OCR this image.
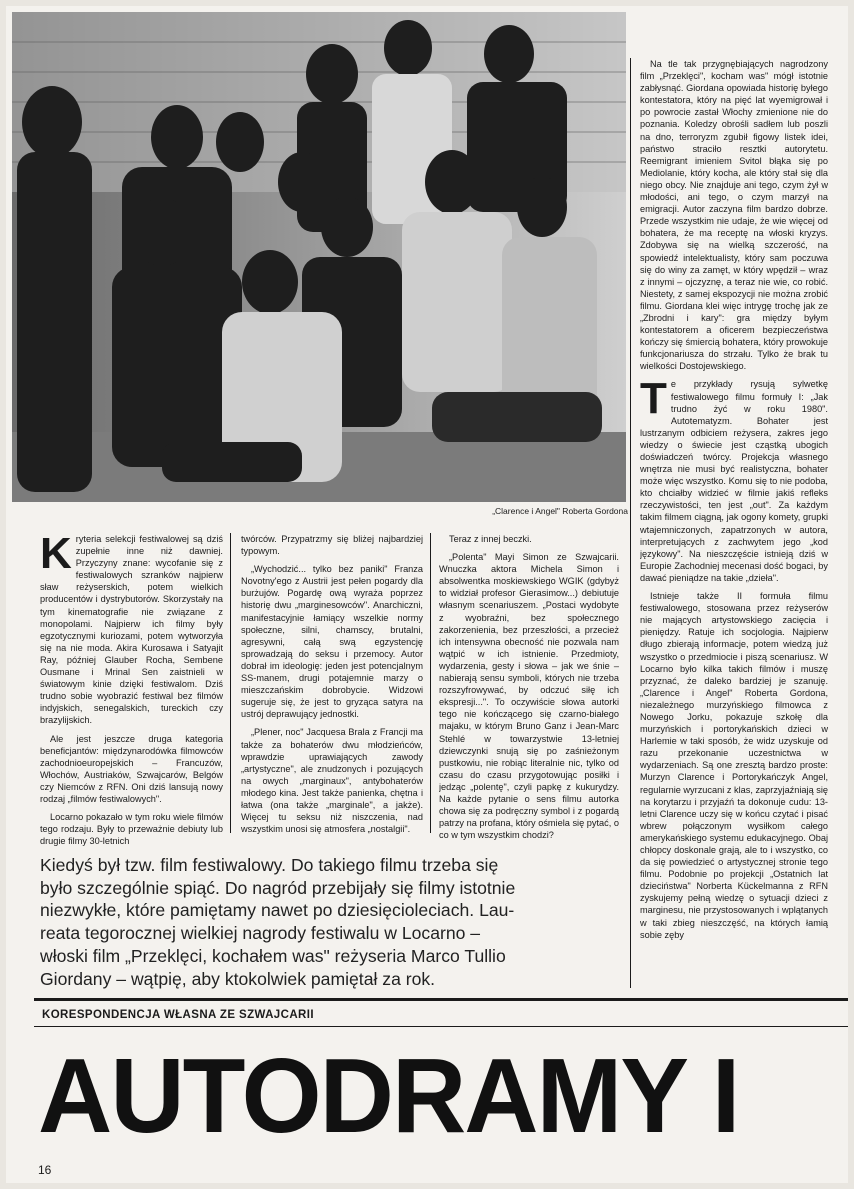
„Clarence i Angel" Roberta Gordona

Kryteria selekcji festiwalowej są dziś zupełnie inne niż dawniej. Przyczyny znane: wycofanie się z festiwalowych szranków najpierw sław reżyserskich, potem wielkich producentów i dystrybutorów. Skorzystały na tym kinematografie nie związane z monopolami. Najpierw ich filmy były egzotycznymi kuriozami, potem wytworzyła się na nie moda. Akira Kurosawa i Satyajit Ray, później Glauber Rocha, Sembene Ousmane i Mrinal Sen zaistnieli w światowym kinie dzięki festiwalom. Dziś trudno sobie wyobrazić festiwal bez filmów indyjskich, senegalskich, tureckich czy brazylijskich.

Ale jest jeszcze druga kategoria beneficjantów: międzynarodówka filmowców zachodnioeuropejskich – Francuzów, Włochów, Austriaków, Szwajcarów, Belgów czy Niemców z RFN. Oni dziś lansują nowy rodzaj „filmów festiwalowych".

Locarno pokazało w tym roku wiele filmów tego rodzaju. Były to przeważnie debiuty lub drugie filmy 30-letnich

twórców. Przypatrzmy się bliżej najbardziej typowym.

„Wychodzić... tylko bez paniki" Franza Novotny'ego z Austrii jest pełen pogardy dla burżujów. Pogardę ową wyraża poprzez historię dwu „marginesowców". Anarchiczni, manifestacyjnie łamiący wszelkie normy społeczne, silni, chamscy, brutalni, agresywni, całą swą egzystencję sprowadzają do seksu i przemocy. Autor dobrał im ideologię: jeden jest potencjalnym SS-manem, drugi potajemnie marzy o mieszczańskim dobrobycie. Widzowi sugeruje się, że jest to gryząca satyra na ustrój deprawujący jednostki.

„Plener, noc" Jacquesa Brala z Francji ma także za bohaterów dwu młodzieńców, wprawdzie uprawiających zawody „artystyczne", ale znudzonych i pozujących na owych „marginaux", antybohaterów młodego kina. Jest także panienka, chętna i łatwa (ona także „marginale", a jakże). Więcej tu seksu niż niszczenia, nad wszystkim unosi się atmosfera „nostalgii".

Teraz z innej beczki.

„Polenta" Mayi Simon ze Szwajcarii. Wnuczka aktora Michela Simon i absolwentka moskiewskiego WGIK (gdybyż to widział profesor Gierasimow...) debiutuje własnym scenariuszem. „Postaci wydobyte z wyobraźni, bez społecznego zakorzenienia, bez przeszłości, a przecież ich intensywna obecność nie pozwala nam wątpić w ich istnienie. Przedmioty, wydarzenia, gesty i słowa – jak we śnie – nabierają sensu symboli, których nie trzeba rozszyfrowywać, by odczuć siłę ich ekspresji...". To oczywiście słowa autorki tego nie kończącego się czarno-białego majaku, w którym Bruno Ganz i Jean-Marc Stehlé w towarzystwie 13-letniej dziewczynki snują się po zaśnieżonym pustkowiu, nie robiąc literalnie nic, tylko od czasu do czasu przygotowując posiłki i jedząc „polentę", czyli papkę z kukurydzy. Na każde pytanie o sens filmu autorka chowa się za podręczny symbol i z pogardą patrzy na profana, który ośmiela się pytać, o co w tym wszystkim chodzi?

Na tle tak przygnębiających nagrodzony film „Przeklęci", kocham was" mógł istotnie zabłysnąć. Giordana opowiada historię byłego kontestatora, który na pięć lat wyemigrował i po powrocie zastał Włochy zmienione nie do poznania. Koledzy obrośli sadłem lub poszli na dno, terroryzm zgubił figowy listek idei, państwo straciło resztki autorytetu. Reemigrant imieniem Svitol błąka się po Mediolanie, który kocha, ale który stał się dla niego obcy. Nie znajduje ani tego, czym żył w młodości, ani tego, o czym marzył na emigracji. Autor zaczyna film bardzo dobrze. Przede wszystkim nie udaje, że wie więcej od bohatera, że ma receptę na włoski kryzys. Zdobywa się na wielką szczerość, na spowiedź intelektualisty, który sam poczuwa się do winy za zamęt, w który wpędził – wraz z innymi – ojczyznę, a teraz nie wie, co robić. Niestety, z samej ekspozycji nie można zrobić filmu. Giordana klei więc intrygę trochę jak ze „Zbrodni i kary": gra między byłym kontestatorem a oficerem bezpieczeństwa kończy się śmiercią bohatera, który prowokuje funkcjonariusza do strzału. Tylko że brak tu wielkości Dostojewskiego.

Te przykłady rysują sylwetkę festiwalowego filmu formuły I: „Jak trudno żyć w roku 1980". Autotematyzm. Bohater jest lustrzanym odbiciem reżysera, zakres jego wiedzy o świecie jest cząstką ubogich doświadczeń twórcy. Projekcja własnego wnętrza nie musi być realistyczna, bohater może więc wszystko. Komu się to nie podoba, kto chciałby widzieć w filmie jakiś refleks rzeczywistości, ten jest „out". Za każdym takim filmem ciągną, jak ogony komety, grupki wtajemniczonych, zapatrzonych w autora, interpretujących z zachwytem jego „kod językowy". Na nieszczęście istnieją dziś w Europie Zachodniej mecenasi dość bogaci, by dawać pieniądze na takie „dzieła".

Istnieje także II formuła filmu festiwalowego, stosowana przez reżyserów nie mających artystowskiego zacięcia i pieniędzy. Ratuje ich socjologia. Najpierw długo zbierają informacje, potem wiedzą już wszystko o przedmiocie i piszą scenariusz. W Locarno było kilka takich filmów i muszę przyznać, że daleko bardziej je szanuję. „Clarence i Angel" Roberta Gordona, niezależnego murzyńskiego filmowca z Nowego Jorku, pokazuje szkołę dla murzyńskich i portorykańskich dzieci w Harlemie w taki sposób, że widz uzyskuje od razu przekonanie uczestnictwa w wydarzeniach. Są one zresztą bardzo proste: Murzyn Clarence i Portorykańczyk Angel, regularnie wyrzucani z klas, zaprzyjaźniają się na korytarzu i przyjaźń ta dokonuje cudu: 13-letni Clarence uczy się w końcu czytać i pisać wbrew połączonym wysiłkom całego amerykańskiego systemu edukacyjnego. Obaj chłopcy doskonale grają, ale to i wszystko, co da się powiedzieć o artystycznej stronie tego filmu. Podobnie po projekcji „Ostatnich lat dzieciństwa" Norberta Kückelmanna z RFN zyskujemy pełną wiedzę o sytuacji dzieci z marginesu, nie przystosowanych i wplątanych w taki zbieg nieszczęść, na których łamią sobie zęby

Kiedyś był tzw. film festiwalowy. Do takiego filmu trzeba się
było szczególnie spiąć. Do nagród przebijały się filmy istotnie
niezwykłe, które pamiętamy nawet po dziesięcioleciach. Lau-
reata tegorocznej wielkiej nagrody festiwalu w Locarno –
włoski film „Przeklęci, kochałem was" reżyseria Marco Tullio
Giordany – wątpię, aby ktokolwiek pamiętał za rok.
KORESPONDENCJA WŁASNA ZE SZWAJCARII
AUTODRAMY I
16
